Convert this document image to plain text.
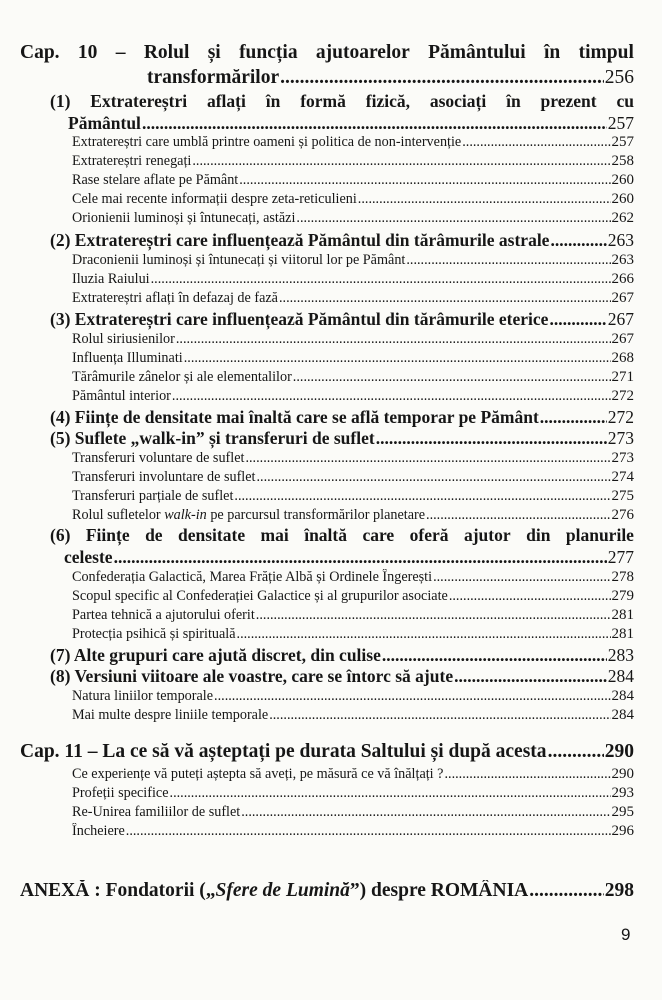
Cap. 10 – Rolul și funcția ajutoarelor Pământului în timpul
transformărilor .....	256
(1) Extratereștri aflați în formă fizică, asociați în prezent cu
Pământul .....	257
Extratereștri care umblă printre oameni și politica de non-intervenție .....	257
Extratereștri renegați .....	258
Rase stelare aflate pe Pământ .....	260
Cele mai recente informații despre zeta-reticulieni .....	260
Orionienii luminoși și întunecați, astăzi .....	262
(2) Extratereștri care influențează Pământul din tărâmurile astrale .....	263
Draconienii luminoși și întunecați și viitorul lor pe Pământ .....	263
Iluzia Raiului .....	266
Extratereștri aflați în defazaj de fază .....	267
(3) Extratereștri care influențează Pământul din tărâmurile eterice .....	267
Rolul siriusienilor .....	267
Influența Illuminati .....	268
Tărâmurile zânelor și ale elementalilor .....	271
Pământul interior .....	272
(4) Ființe de densitate mai înaltă care se află temporar pe Pământ .....	272
(5) Suflete „walk-in” și transferuri de suflet .....	273
Transferuri voluntare de suflet .....	273
Transferuri involuntare de suflet .....	274
Transferuri parțiale de suflet .....	275
Rolul sufletelor walk-in pe parcursul transformărilor planetare .....	276
(6) Ființe de densitate mai înaltă care oferă ajutor din planurile
celeste .....	277
Confederația Galactică, Marea Frăție Albă și Ordinele Îngerești .....	278
Scopul specific al Confederației Galactice și al grupurilor asociate .....	279
Partea tehnică a ajutorului oferit .....	281
Protecția psihică și spirituală .....	281
(7) Alte grupuri care ajută discret, din culise .....	283
(8) Versiuni viitoare ale voastre, care se întorc să ajute .....	284
Natura liniilor temporale .....	284
Mai multe despre liniile temporale .....	284
Cap. 11 – La ce să vă așteptați pe durata Saltului și după acesta .....	290
Ce experiențe vă puteți aștepta să aveți, pe măsură ce vă înălțați ? .....	290
Profeții specifice .....	293
Re-Unirea familiilor de suflet .....	295
Încheiere .....	296
ANEXĂ : Fondatorii („Sfere de Lumină”) despre ROMÂNIA .....	298
9
